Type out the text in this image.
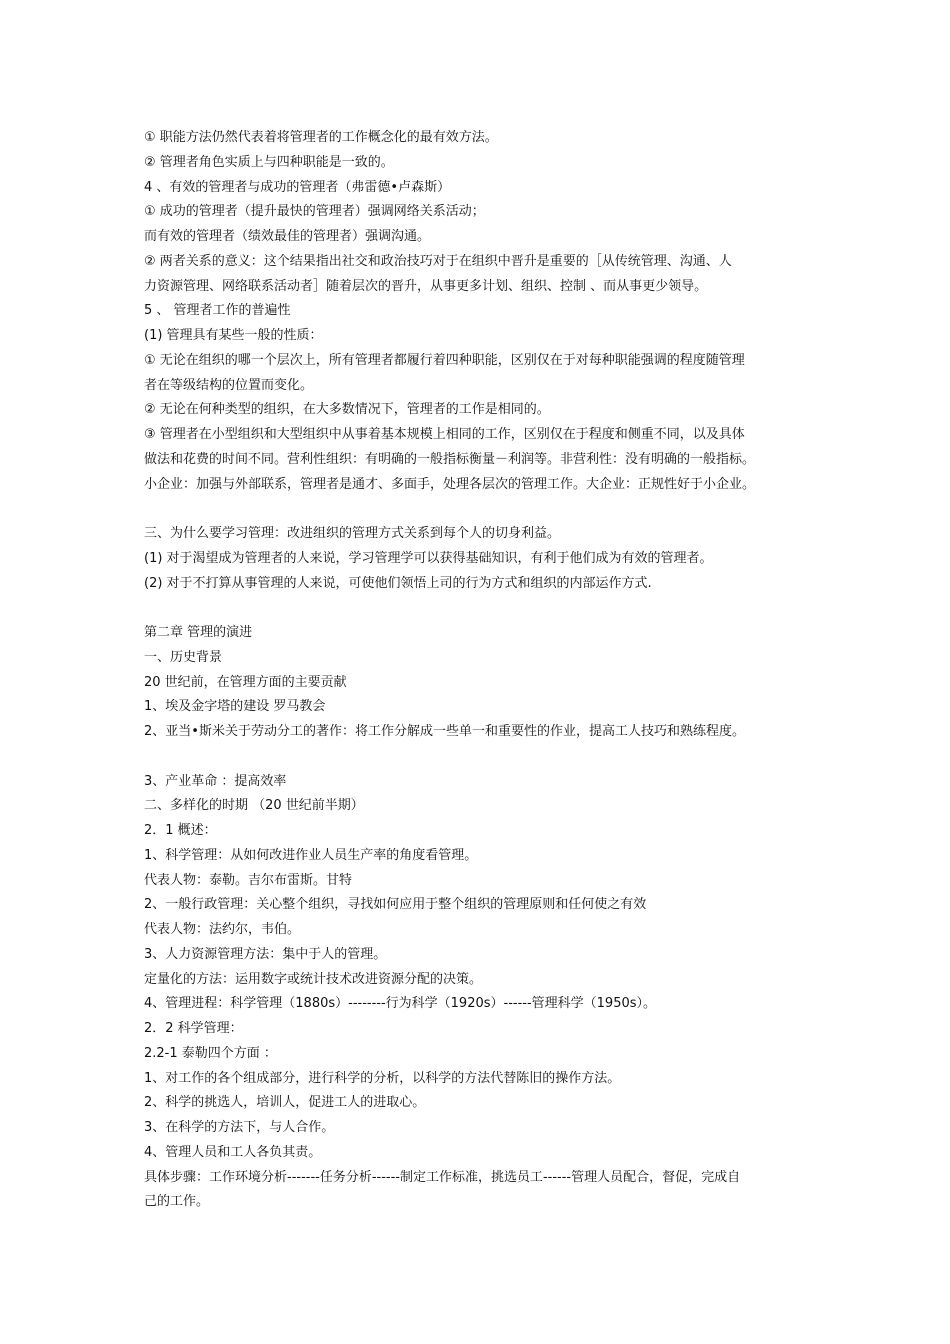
① 职能方法仍然代表着将管理者的工作概念化的最有效方法。
② 管理者角色实质上与四种职能是一致的。
4 、有效的管理者与成功的管理者（弗雷德•卢森斯）
① 成功的管理者（提升最快的管理者）强调网络关系活动；
而有效的管理者（绩效最佳的管理者）强调沟通。
② 两者关系的意义：这个结果指出社交和政治技巧对于在组织中晋升是重要的［从传统管理、沟通、人
力资源管理、网络联系活动者］随着层次的晋升，从事更多计划、组织、控制 、而从事更少领导。
5 、 管理者工作的普遍性
(1) 管理具有某些一般的性质：
① 无论在组织的哪一个层次上，所有管理者都履行着四种职能，区别仅在于对每种职能强调的程度随管理
者在等级结构的位置而变化。
② 无论在何种类型的组织，在大多数情况下，管理者的工作是相同的。
③ 管理者在小型组织和大型组织中从事着基本规模上相同的工作，区别仅在于程度和侧重不同，以及具体
做法和花费的时间不同。营利性组织：有明确的一般指标衡量－利润等。非营利性：没有明确的一般指标。
小企业：加强与外部联系，管理者是通才、多面手，处理各层次的管理工作。大企业：正规性好于小企业。
三、为什么要学习管理：改进组织的管理方式关系到每个人的切身利益。
(1) 对于渴望成为管理者的人来说，学习管理学可以获得基础知识，有利于他们成为有效的管理者。
(2) 对于不打算从事管理的人来说，可使他们领悟上司的行为方式和组织的内部运作方式.
第二章 管理的演进
一、历史背景
20 世纪前，在管理方面的主要贡献
1、埃及金字塔的建设 罗马教会
2、亚当•斯米关于劳动分工的著作：将工作分解成一些单一和重要性的作业，提高工人技巧和熟练程度。
3、产业革命 ：提高效率
二、多样化的时期 （20 世纪前半期）
2．1 概述：
1、科学管理：从如何改进作业人员生产率的角度看管理。
代表人物：泰勒。吉尔布雷斯。甘特
2、一般行政管理：关心整个组织，寻找如何应用于整个组织的管理原则和任何使之有效
代表人物：法约尔，韦伯。
3、人力资源管理方法：集中于人的管理。
定量化的方法：运用数字或统计技术改进资源分配的决策。
4、管理进程：科学管理（1880s）--------行为科学（1920s）------管理科学（1950s）。
2．2 科学管理：
2.2-1 泰勒四个方面 ：
1、对工作的各个组成部分，进行科学的分析，以科学的方法代替陈旧的操作方法。
2、科学的挑选人，培训人，促进工人的进取心。
3、在科学的方法下，与人合作。
4、管理人员和工人各负其责。
具体步骤：工作环境分析-------任务分析------制定工作标准，挑选员工------管理人员配合，督促，完成自
己的工作。
